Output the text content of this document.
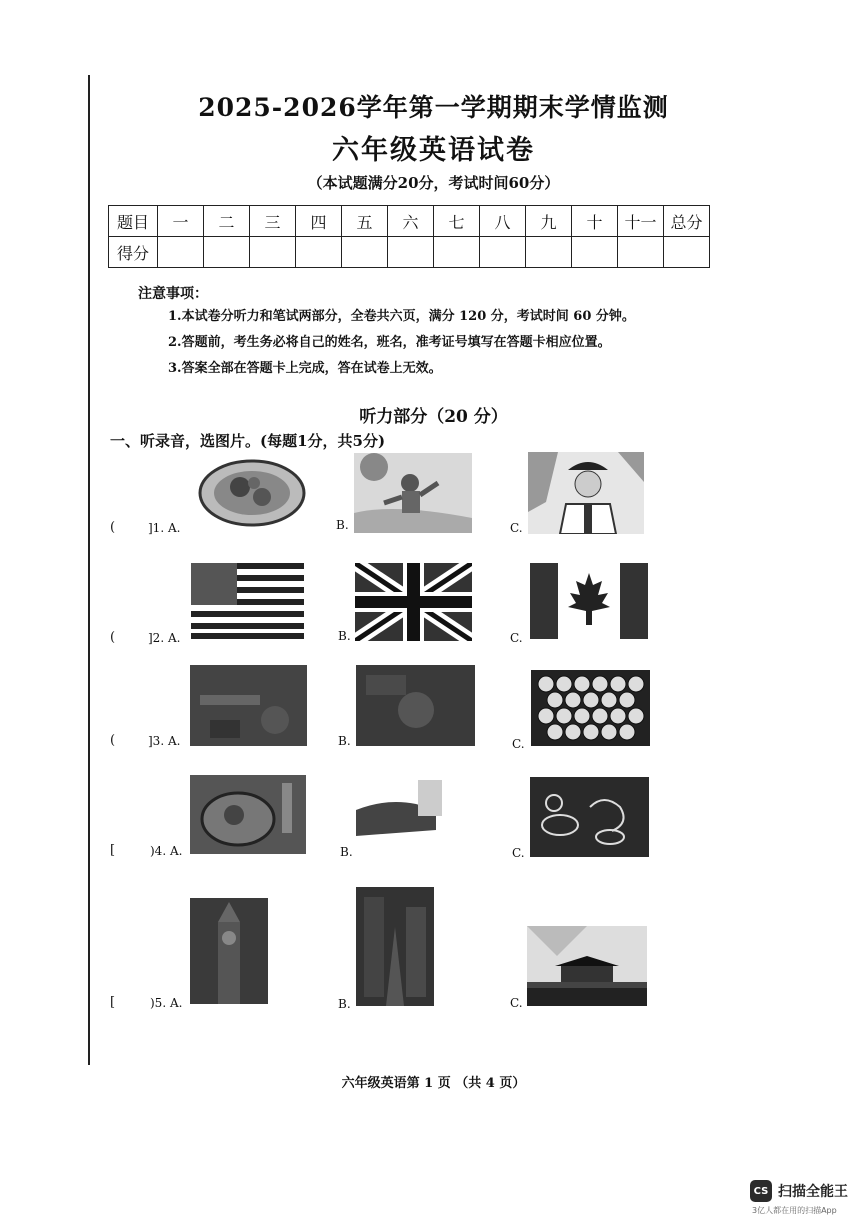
2025-2026学年第一学期期末学情监测
六年级英语试卷
（本试题满分20分，考试时间60分）
题目	一	二	三	四	五	六	七	八	九	十	十一	总分
得分												
注意事项：
1.本试卷分听力和笔试两部分，全卷共六页，满分 120 分，考试时间 60 分钟。
2.答题前，考生务必将自己的姓名，班名，准考证号填写在答题卡相应位置。
3.答案全部在答题卡上完成，答在试卷上无效。
听力部分（20 分）
一、听录音，选图片。(每题1分，共5分)
(	]1. A.	B.	C.
(	]2. A.	B.	C.
(	]3. A.	B.	C.
[	)4. A.	B.	C.
[	)5. A.	B.	C.
六年级英语第 1 页 （共 4 页）
CS 扫描全能王
3亿人都在用的扫描App
